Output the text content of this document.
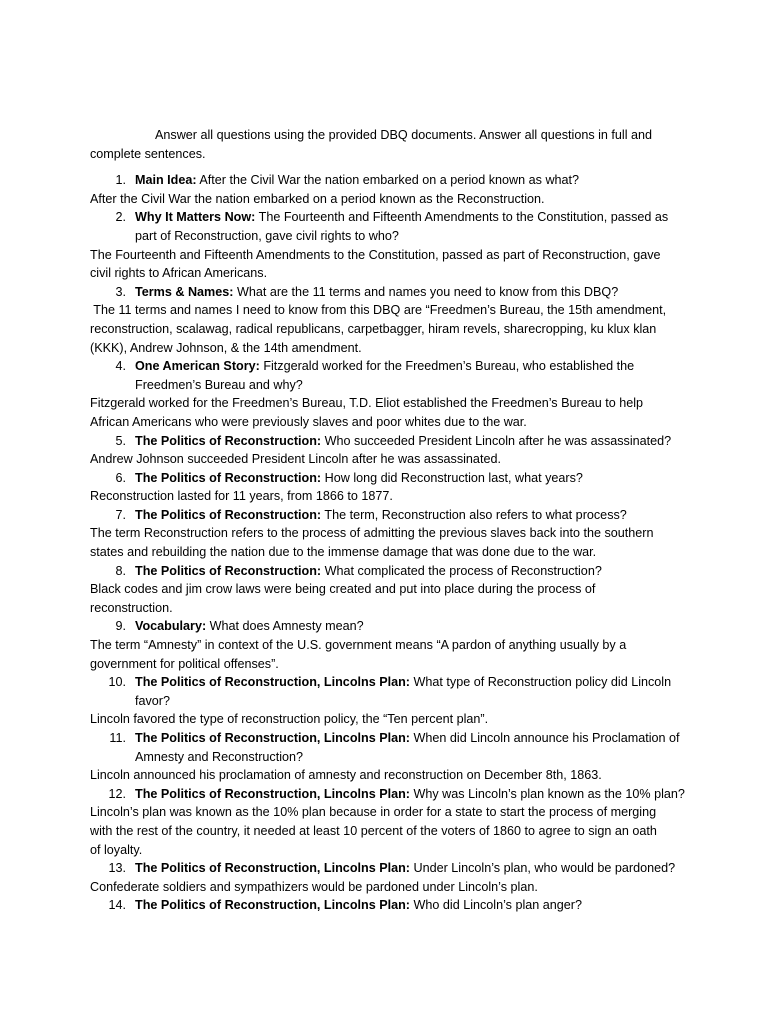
Answer all questions using the provided DBQ documents. Answer all questions in full and
complete sentences.

1. Main Idea: After the Civil War the nation embarked on a period known as what?

After the Civil War the nation embarked on a period known as the Reconstruction.

2. Why It Matters Now: The Fourteenth and Fifteenth Amendments to the Constitution, passed as part of Reconstruction, gave civil rights to who?

The Fourteenth and Fifteenth Amendments to the Constitution, passed as part of Reconstruction, gave
civil rights to African Americans.

3. Terms & Names: What are the 11 terms and names you need to know from this DBQ?

The 11 terms and names I need to know from this DBQ are “Freedmen’s Bureau, the 15th amendment,
reconstruction, scalawag, radical republicans, carpetbagger, hiram revels, sharecropping, ku klux klan
(KKK), Andrew Johnson, & the 14th amendment.

4. One American Story: Fitzgerald worked for the Freedmen’s Bureau, who established the Freedmen’s Bureau and why?

Fitzgerald worked for the Freedmen’s Bureau, T.D. Eliot established the Freedmen’s Bureau to help
African Americans who were previously slaves and poor whites due to the war.

5. The Politics of Reconstruction: Who succeeded President Lincoln after he was assassinated?

Andrew Johnson succeeded President Lincoln after he was assassinated.

6. The Politics of Reconstruction: How long did Reconstruction last, what years?

Reconstruction lasted for 11 years, from 1866 to 1877.

7. The Politics of Reconstruction: The term, Reconstruction also refers to what process?

The term Reconstruction refers to the process of admitting the previous slaves back into the southern
states and rebuilding the nation due to the immense damage that was done due to the war.

8. The Politics of Reconstruction: What complicated the process of Reconstruction?

Black codes and jim crow laws were being created and put into place during the process of
reconstruction.

9. Vocabulary: What does Amnesty mean?

The term “Amnesty” in context of the U.S. government means “A pardon of anything usually by a
government for political offenses”.

10. The Politics of Reconstruction, Lincolns Plan: What type of Reconstruction policy did Lincoln favor?

Lincoln favored the type of reconstruction policy, the “Ten percent plan”.

11. The Politics of Reconstruction, Lincolns Plan: When did Lincoln announce his Proclamation of Amnesty and Reconstruction?

Lincoln announced his proclamation of amnesty and reconstruction on December 8th, 1863.

12. The Politics of Reconstruction, Lincolns Plan: Why was Lincoln’s plan known as the 10% plan?

Lincoln’s plan was known as the 10% plan because in order for a state to start the process of merging
with the rest of the country, it needed at least 10 percent of the voters of 1860 to agree to sign an oath
of loyalty.

13. The Politics of Reconstruction, Lincolns Plan: Under Lincoln’s plan, who would be pardoned?

Confederate soldiers and sympathizers would be pardoned under Lincoln’s plan.

14. The Politics of Reconstruction, Lincolns Plan: Who did Lincoln’s plan anger?
